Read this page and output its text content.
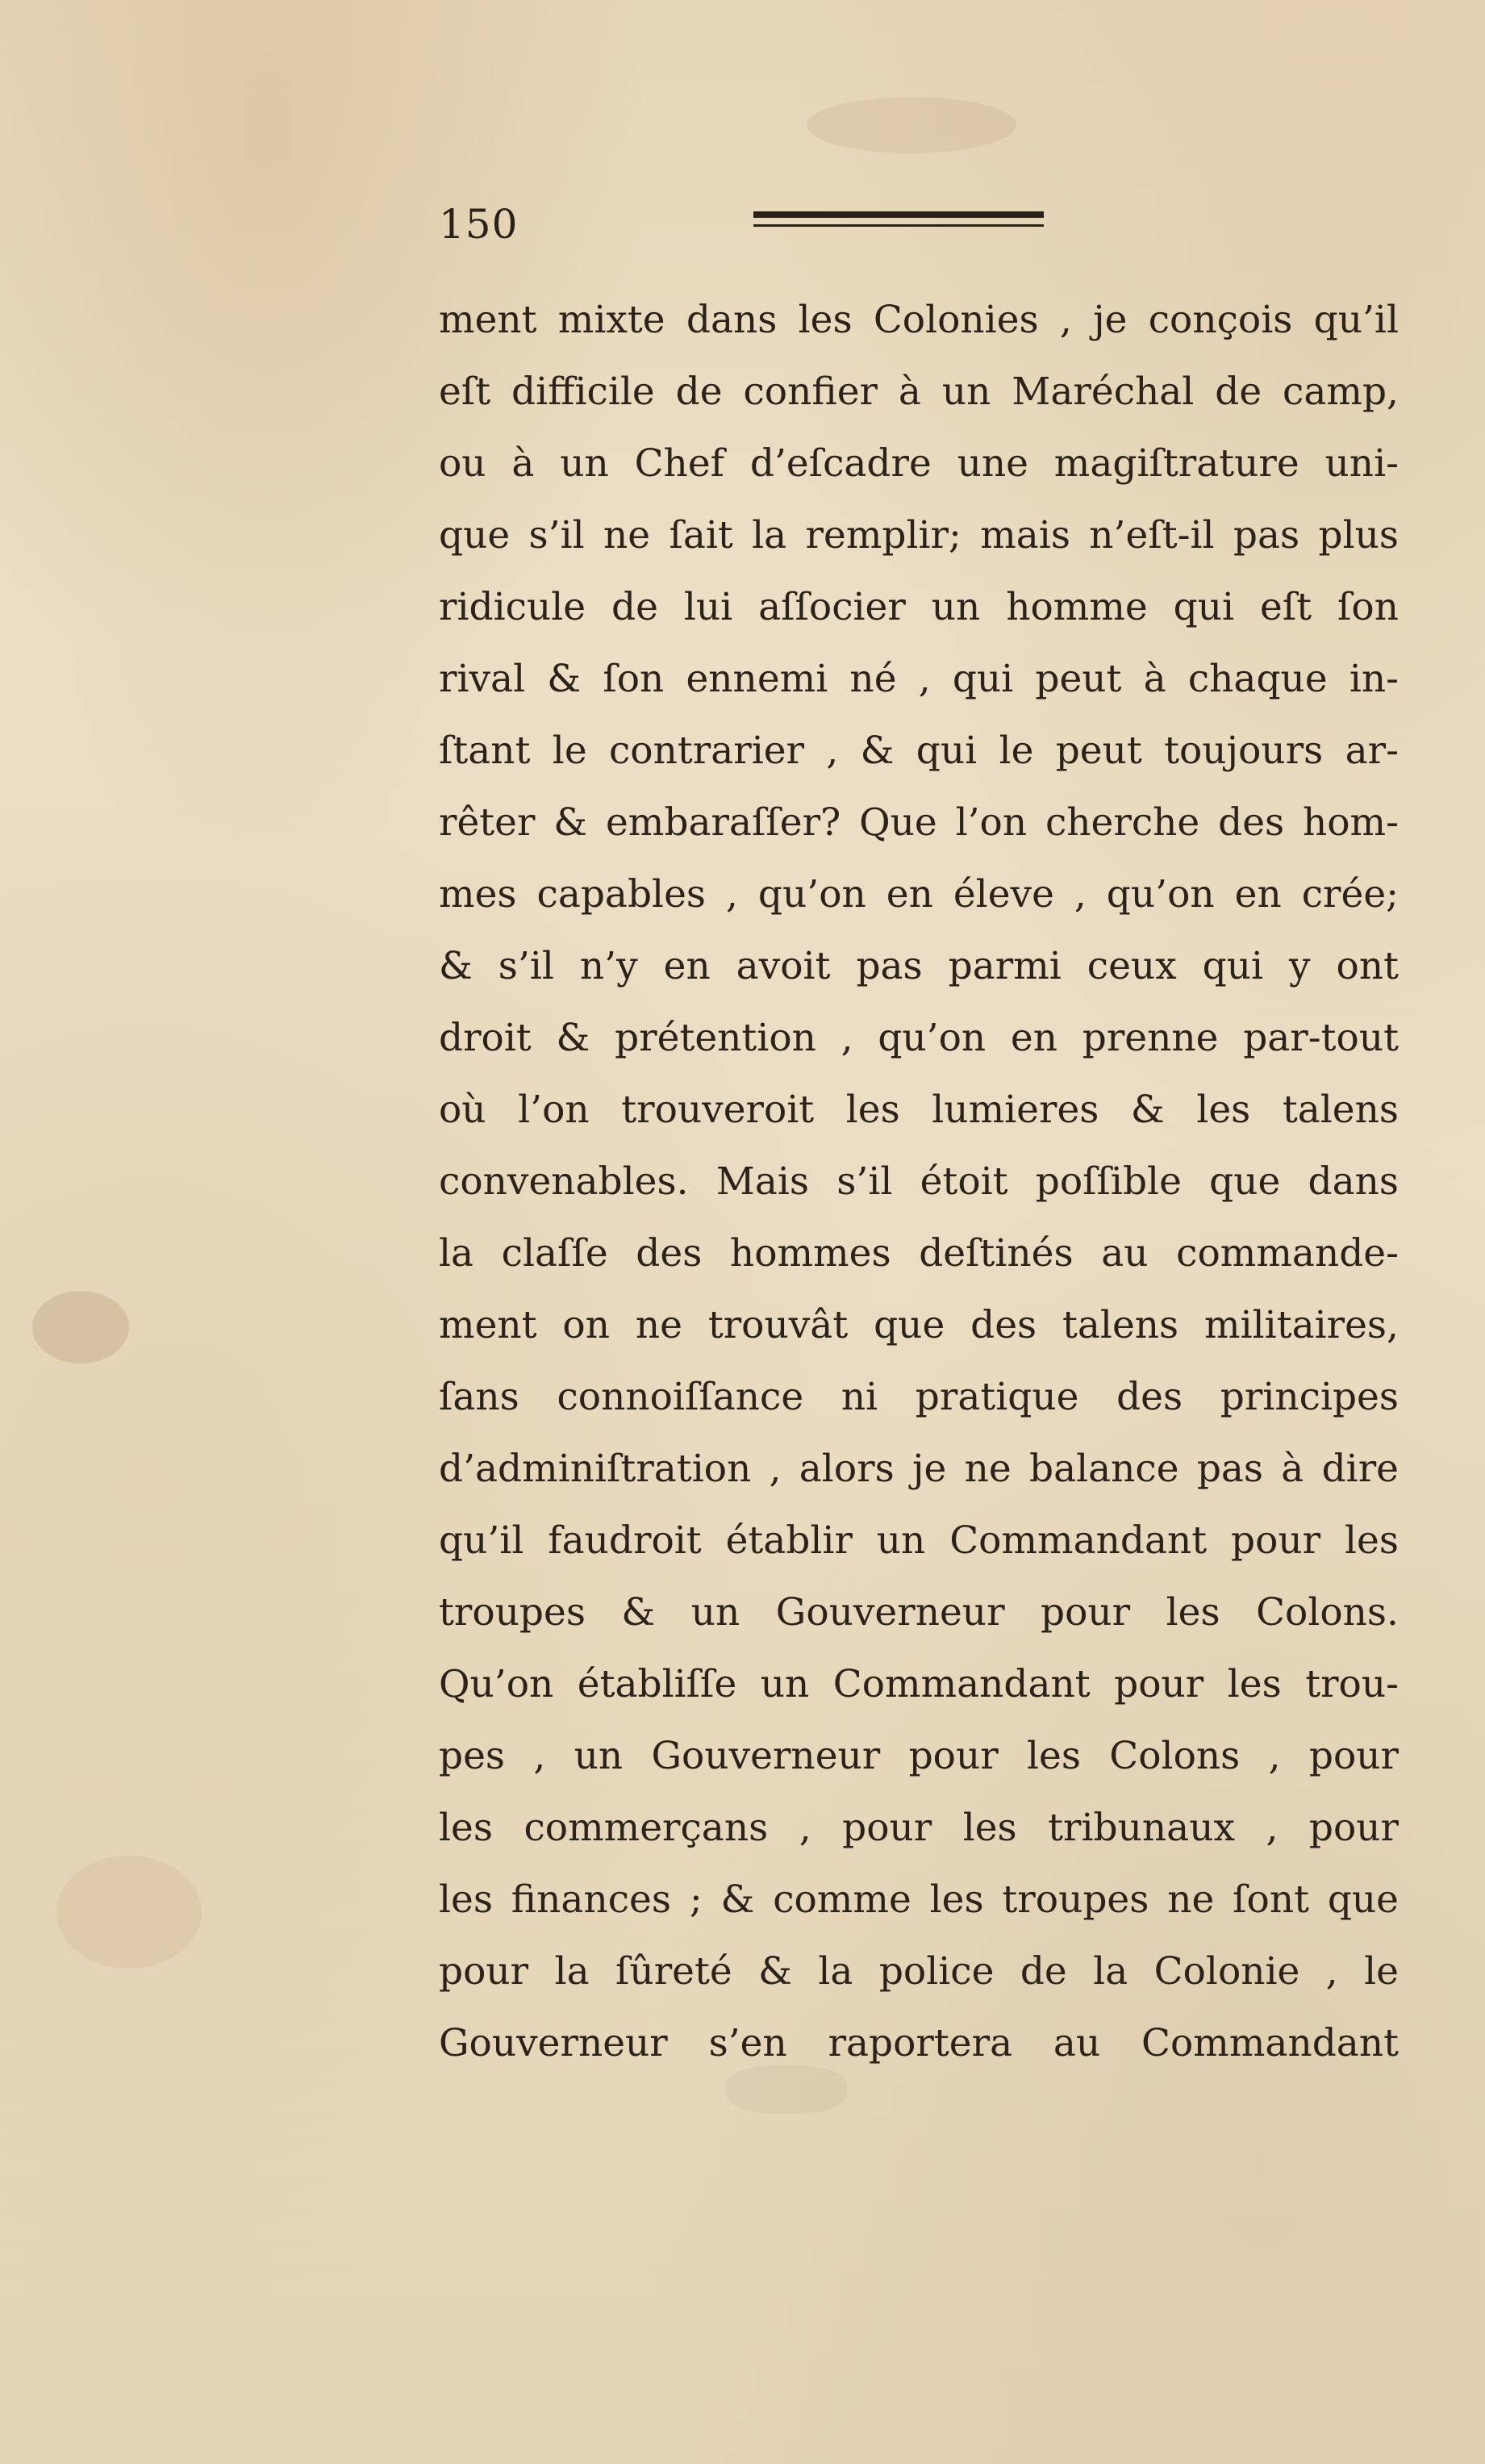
150
ment mixte dans les Colonies , je conçois qu’il
eſt difficile de confier à un Maréchal de camp,
ou à un Chef d’eſcadre une magiſtrature uni-
que s’il ne ſait la remplir; mais n’eſt-il pas plus
ridicule de lui aſſocier un homme qui eſt ſon
rival & ſon ennemi né , qui peut à chaque in-
ſtant le contrarier , & qui le peut toujours ar-
rêter & embaraſſer? Que l’on cherche des hom-
mes capables , qu’on en éleve , qu’on en crée;
& s’il n’y en avoit pas parmi ceux qui y ont
droit & prétention , qu’on en prenne par-tout
où l’on trouveroit les lumieres & les talens
convenables. Mais s’il étoit poſſible que dans
la claſſe des hommes deſtinés au commande-
ment on ne trouvât que des talens militaires,
ſans connoiſſance ni pratique des principes
d’adminiſtration , alors je ne balance pas à dire
qu’il faudroit établir un Commandant pour les
troupes & un Gouverneur pour les Colons.
Qu’on établiſſe un Commandant pour les trou-
pes , un Gouverneur pour les Colons , pour
les commerçans , pour les tribunaux , pour
les finances ; & comme les troupes ne ſont que
pour la ſûreté & la police de la Colonie , le
Gouverneur s’en raportera au Commandant
